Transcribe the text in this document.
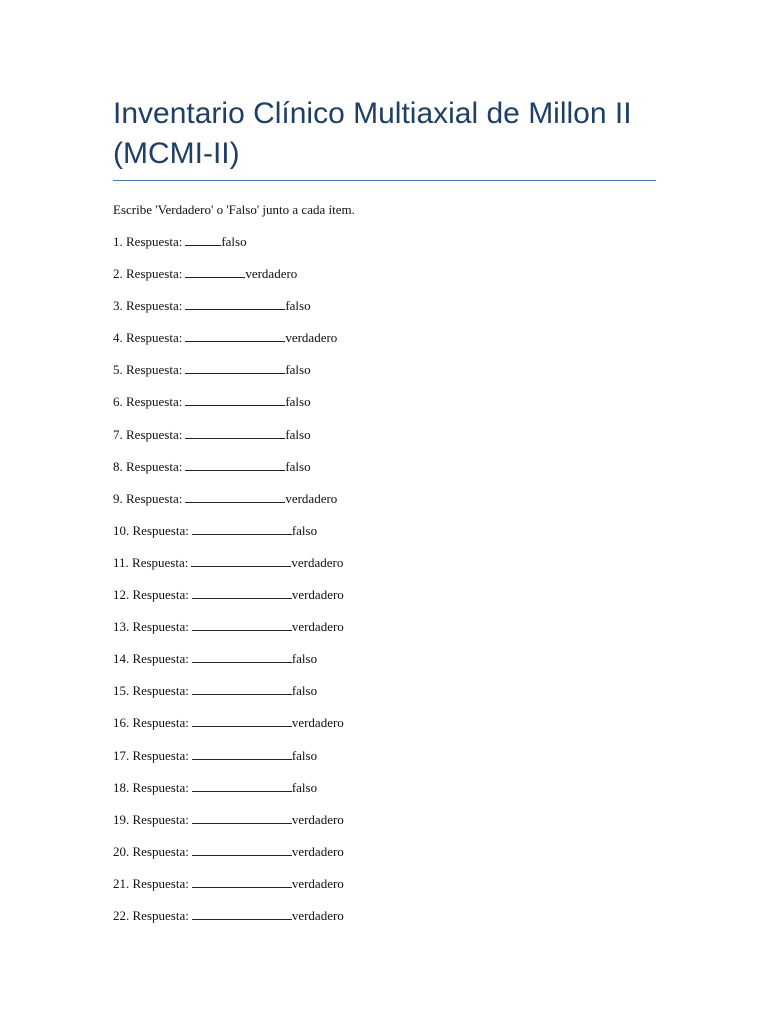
Inventario Clínico Multiaxial de Millon II (MCMI-II)

Escribe 'Verdadero' o 'Falso' junto a cada ítem.

1. Respuesta:	falso
2. Respuesta:	verdadero
3. Respuesta:	falso
4. Respuesta:	verdadero
5. Respuesta:	falso
6. Respuesta:	falso
7. Respuesta:	falso
8. Respuesta:	falso
9. Respuesta:	verdadero
10. Respuesta:	falso
11. Respuesta:	verdadero
12. Respuesta:	verdadero
13. Respuesta:	verdadero
14. Respuesta:	falso
15. Respuesta:	falso
16. Respuesta:	verdadero
17. Respuesta:	falso
18. Respuesta:	falso
19. Respuesta:	verdadero
20. Respuesta:	verdadero
21. Respuesta:	verdadero
22. Respuesta:	verdadero
